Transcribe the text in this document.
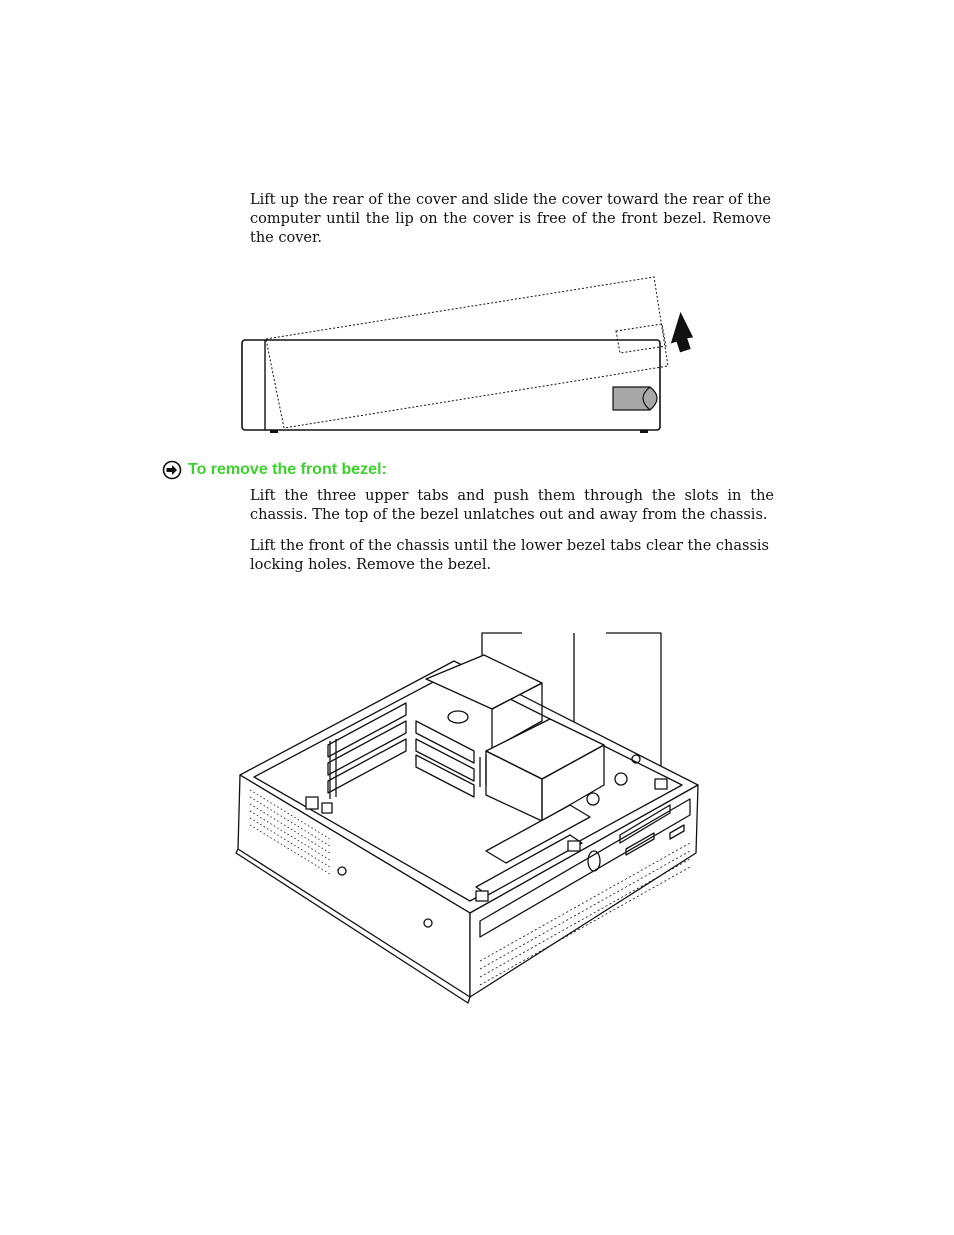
Lift up the rear of the cover and slide the cover toward the rear of the computer until the lip on the cover is free of the front bezel. Remove the cover.
To remove the front bezel:
Lift the three upper tabs and push them through the slots in the chassis. The top of the bezel unlatches out and away from the chassis.
Lift the front of the chassis until the lower bezel tabs clear the chassis locking holes. Remove the bezel.
